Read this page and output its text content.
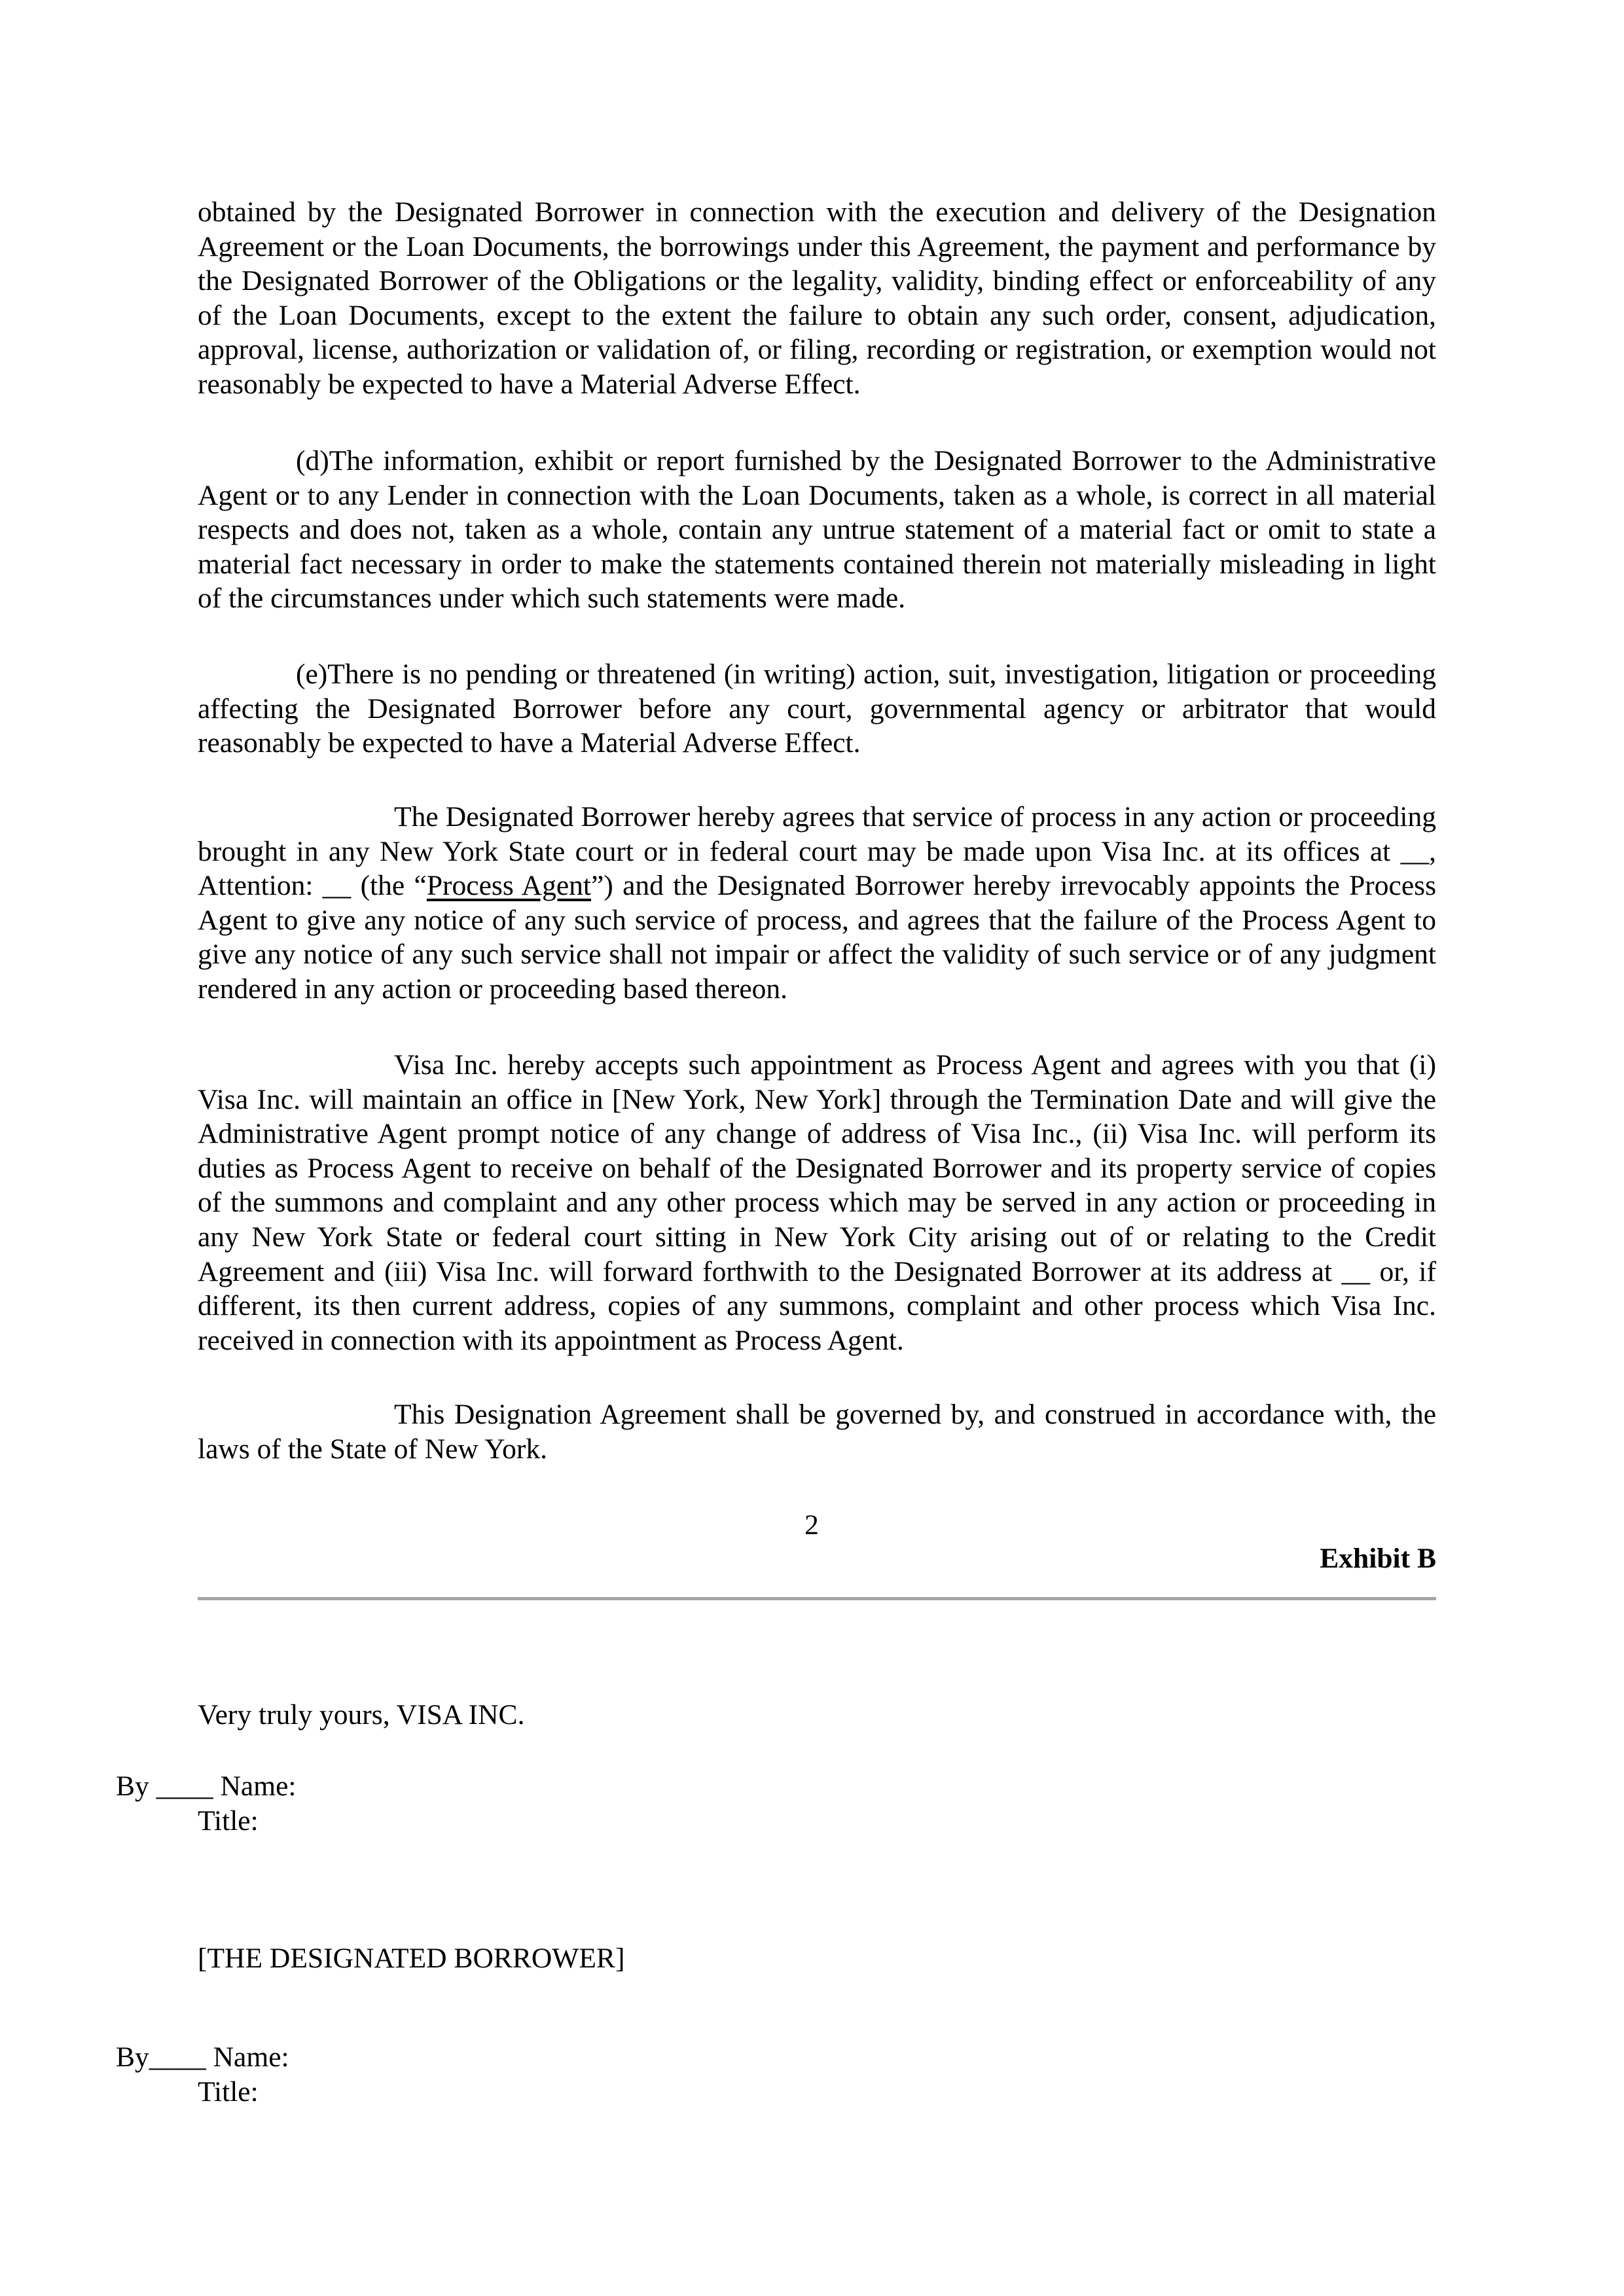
obtained by the Designated Borrower in connection with the execution and delivery of the Designation Agreement or the Loan Documents, the borrowings under this Agreement, the payment and performance by the Designated Borrower of the Obligations or the legality, validity, binding effect or enforceability of any of the Loan Documents, except to the extent the failure to obtain any such order, consent, adjudication, approval, license, authorization or validation of, or filing, recording or registration, or exemption would not reasonably be expected to have a Material Adverse Effect.

(d)The information, exhibit or report furnished by the Designated Borrower to the Administrative Agent or to any Lender in connection with the Loan Documents, taken as a whole, is correct in all material respects and does not, taken as a whole, contain any untrue statement of a material fact or omit to state a material fact necessary in order to make the statements contained therein not materially misleading in light of the circumstances under which such statements were made.

(e)There is no pending or threatened (in writing) action, suit, investigation, litigation or proceeding affecting the Designated Borrower before any court, governmental agency or arbitrator that would reasonably be expected to have a Material Adverse Effect.

The Designated Borrower hereby agrees that service of process in any action or proceeding brought in any New York State court or in federal court may be made upon Visa Inc. at its offices at __, Attention: __ (the “Process Agent”) and the Designated Borrower hereby irrevocably appoints the Process Agent to give any notice of any such service of process, and agrees that the failure of the Process Agent to give any notice of any such service shall not impair or affect the validity of such service or of any judgment rendered in any action or proceeding based thereon.

Visa Inc. hereby accepts such appointment as Process Agent and agrees with you that (i) Visa Inc. will maintain an office in [New York, New York] through the Termination Date and will give the Administrative Agent prompt notice of any change of address of Visa Inc., (ii) Visa Inc. will perform its duties as Process Agent to receive on behalf of the Designated Borrower and its property service of copies of the summons and complaint and any other process which may be served in any action or proceeding in any New York State or federal court sitting in New York City arising out of or relating to the Credit Agreement and (iii) Visa Inc. will forward forthwith to the Designated Borrower at its address at __ or, if different, its then current address, copies of any summons, complaint and other process which Visa Inc. received in connection with its appointment as Process Agent.

This Designation Agreement shall be governed by, and construed in accordance with, the laws of the State of New York.

2
Exhibit B
Very truly yours, VISA INC.
By ____ Name:
Title:
[THE DESIGNATED BORROWER]
By____ Name:
Title:
